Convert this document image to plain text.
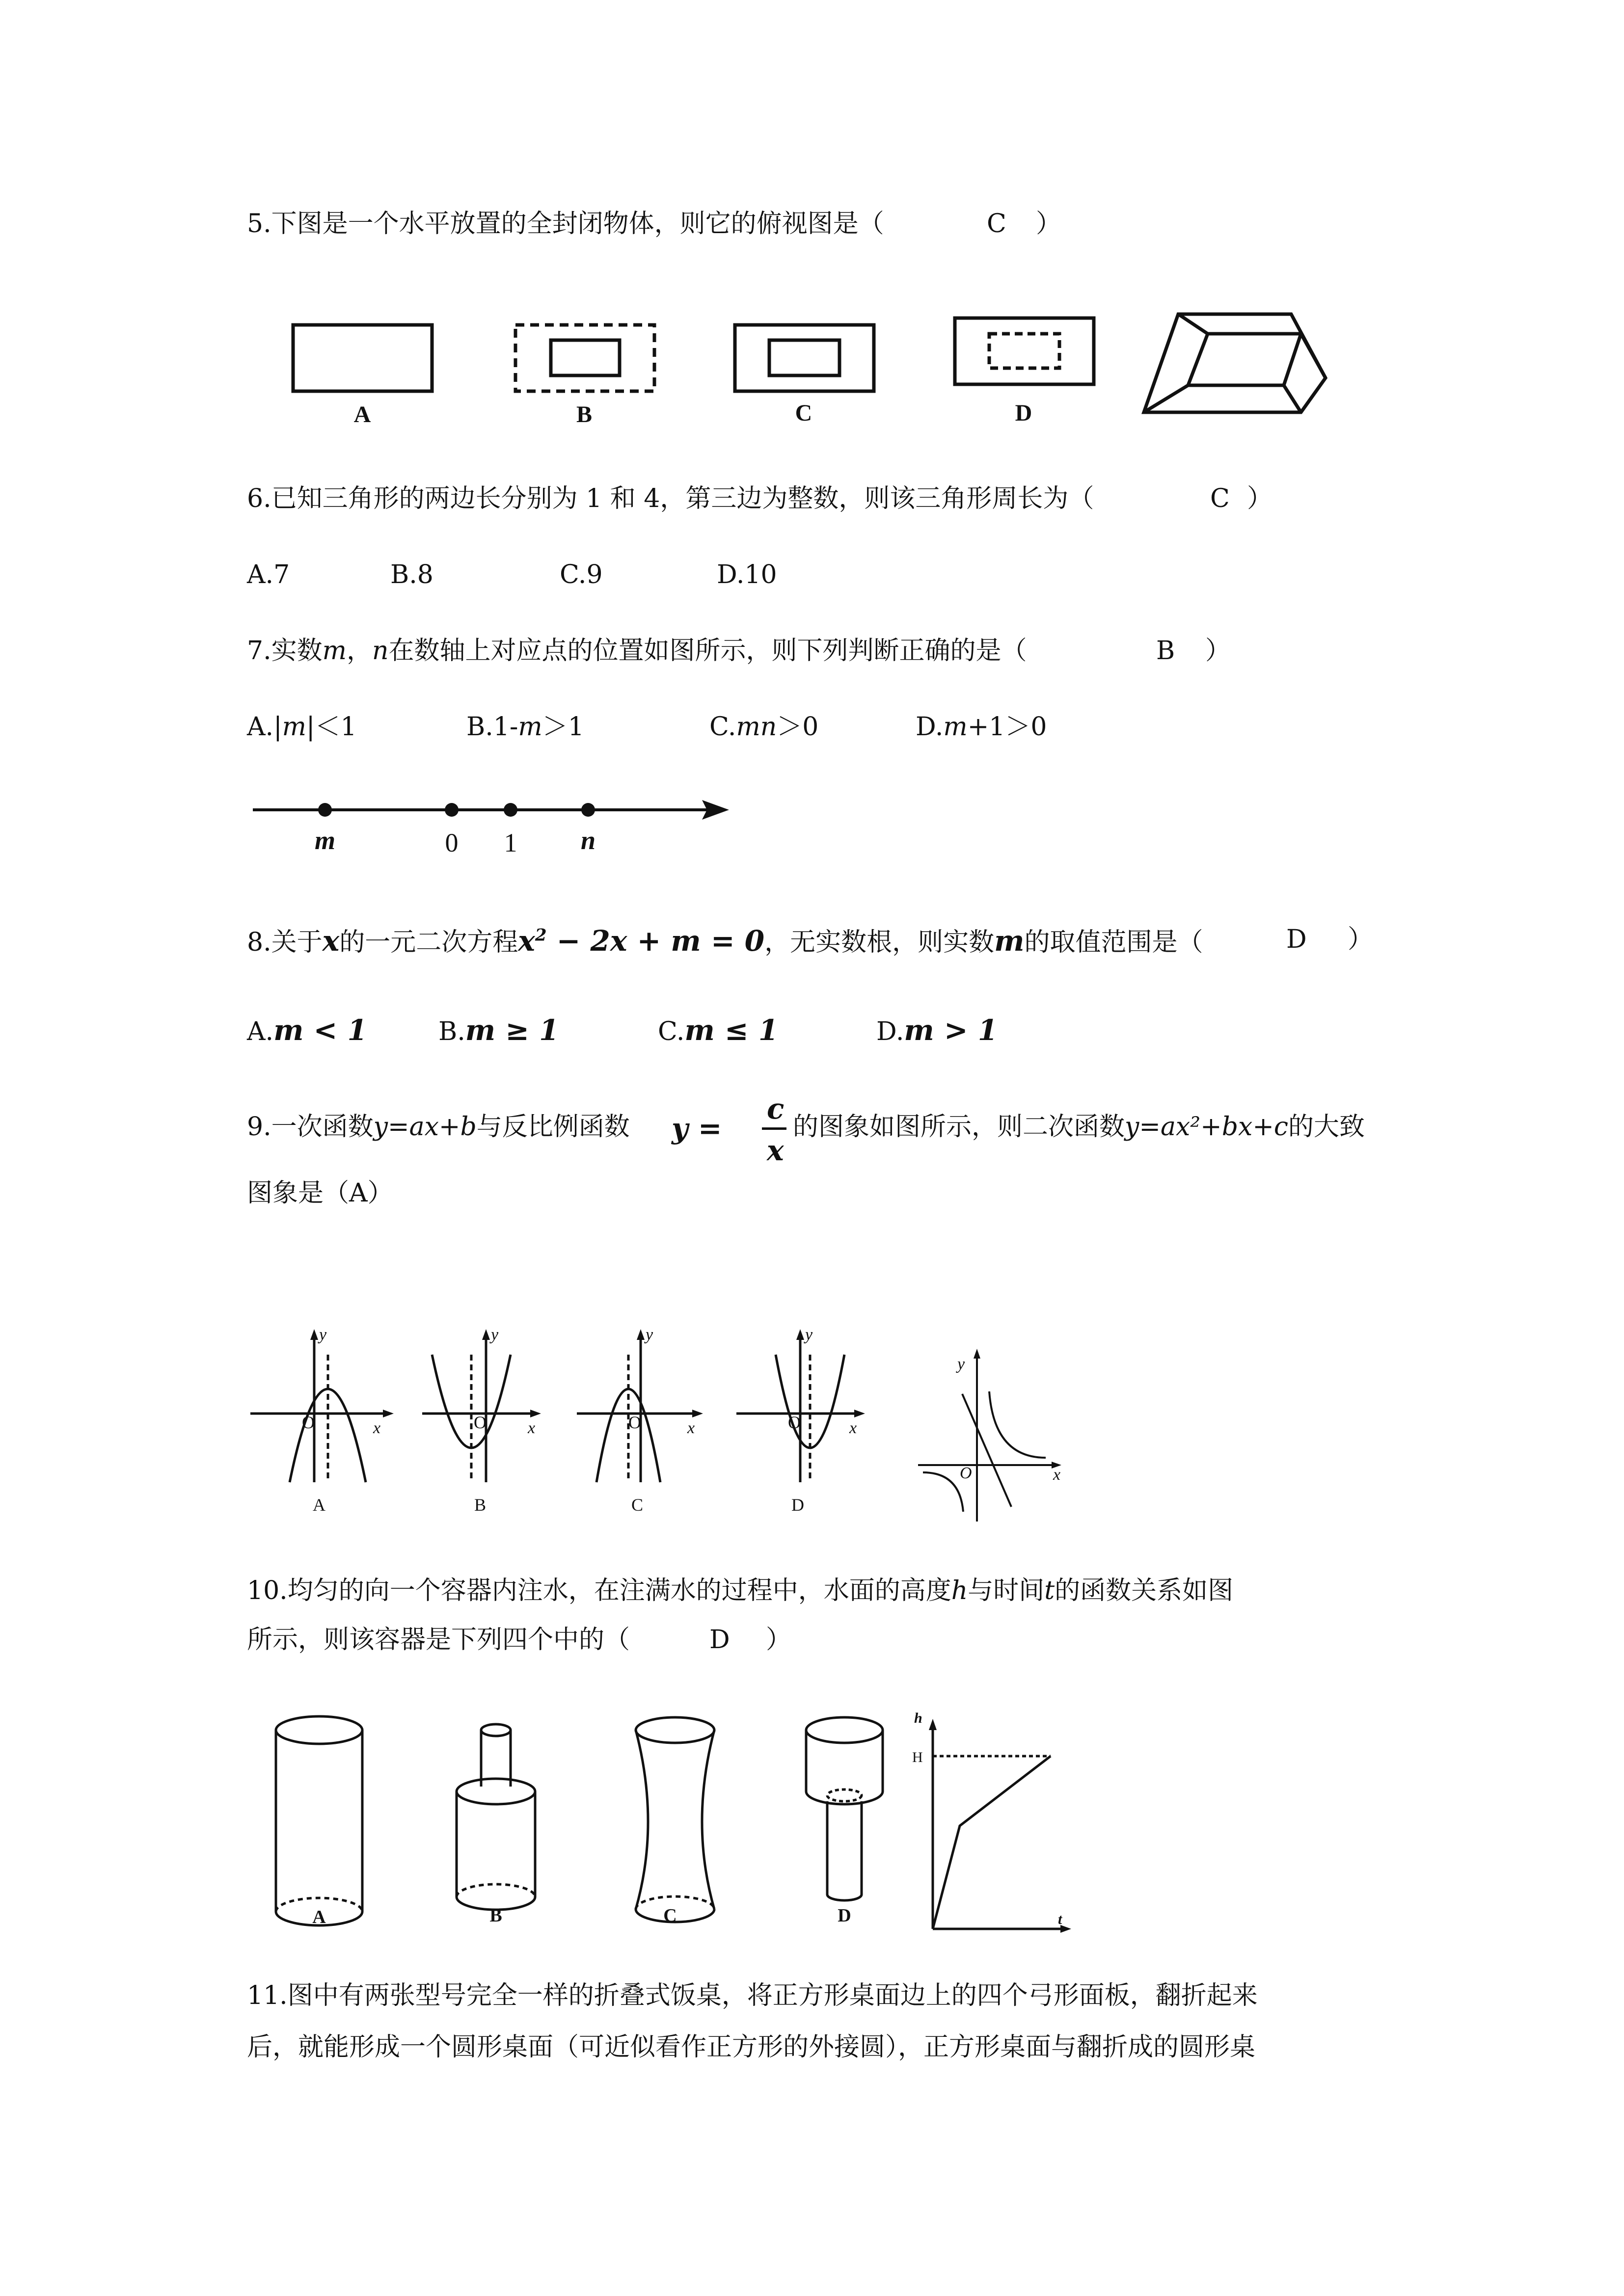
5.下图是一个水平放置的全封闭物体，则它的俯视图是（	C ）
A	B	C	D
6.已知三角形的两边长分别为 1 和 4，第三边为整数，则该三角形周长为（	C ）
A.7	B.8	C.9	D.10
7.实数m，n在数轴上对应点的位置如图所示，则下列判断正确的是（	B ）
A.|m|＜1	B.1-m＞1	C.mn＞0	D.m+1＞0
m	0 1 n
8.关于x的一元二次方程$x^2 - 2x + m = 0$，无实数根，则实数m的取值范围是（	D ）
A.m < 1	B.m ≥ 1	C.m ≤ 1	D.m > 1
9.一次函数y=ax+b与反比例函数 y =
c
x
的图象如图所示，则二次函数y=ax²+bx+c的大致
图象是（A）
y
x
y
x
y
x
y
x
y
x
O
O	O	O	O
A	B	C	D
10.均匀的向一个容器内注水，在注满水的过程中，水面的高度h与时间t的函数关系如图
所示，则该容器是下列四个中的（	D ）
h
H
t
A	B	C	D
11.图中有两张型号完全一样的折叠式饭桌，将正方形桌面边上的四个弓形面板，翻折起来
后，就能形成一个圆形桌面（可近似看作正方形的外接圆），正方形桌面与翻折成的圆形桌
